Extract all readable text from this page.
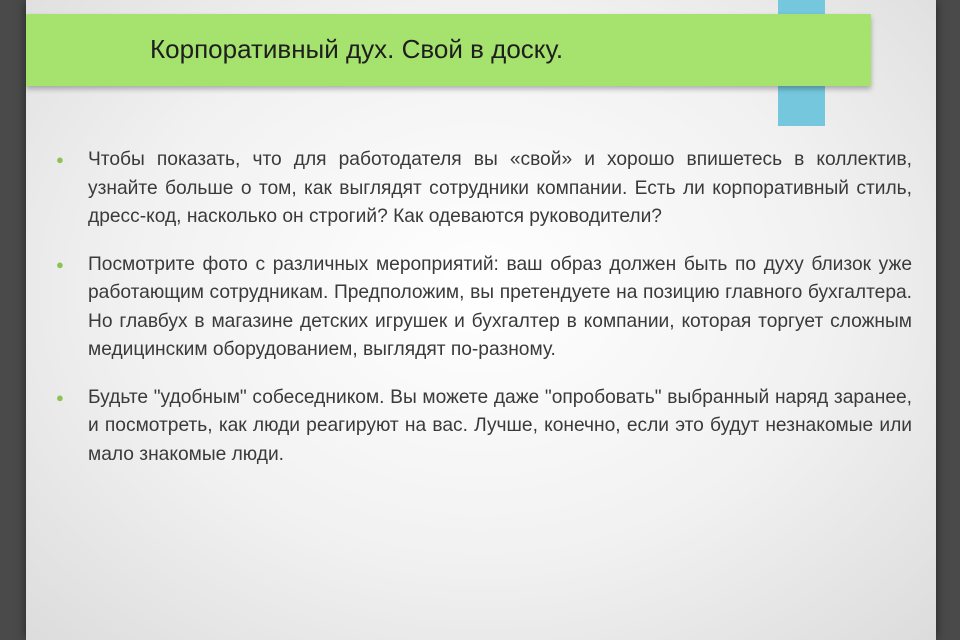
Корпоративный дух. Свой в доску.
● Чтобы показать, что для работодателя вы «свой» и хорошо впишетесь в коллектив, узнайте больше о том, как выглядят сотрудники компании. Есть ли корпоративный стиль, дресс-код, насколько он строгий? Как одеваются руководители?
● Посмотрите фото с различных мероприятий: ваш образ должен быть по духу близок уже работающим сотрудникам. Предположим, вы претендуете на позицию главного бухгалтера. Но главбух в магазине детских игрушек и бухгалтер в компании, которая торгует сложным медицинским оборудованием, выглядят по-разному.
● Будьте "удобным" собеседником. Вы можете даже "опробовать" выбранный наряд заранее, и посмотреть, как люди реагируют на вас. Лучше, конечно, если это будут незнакомые или мало знакомые люди.
